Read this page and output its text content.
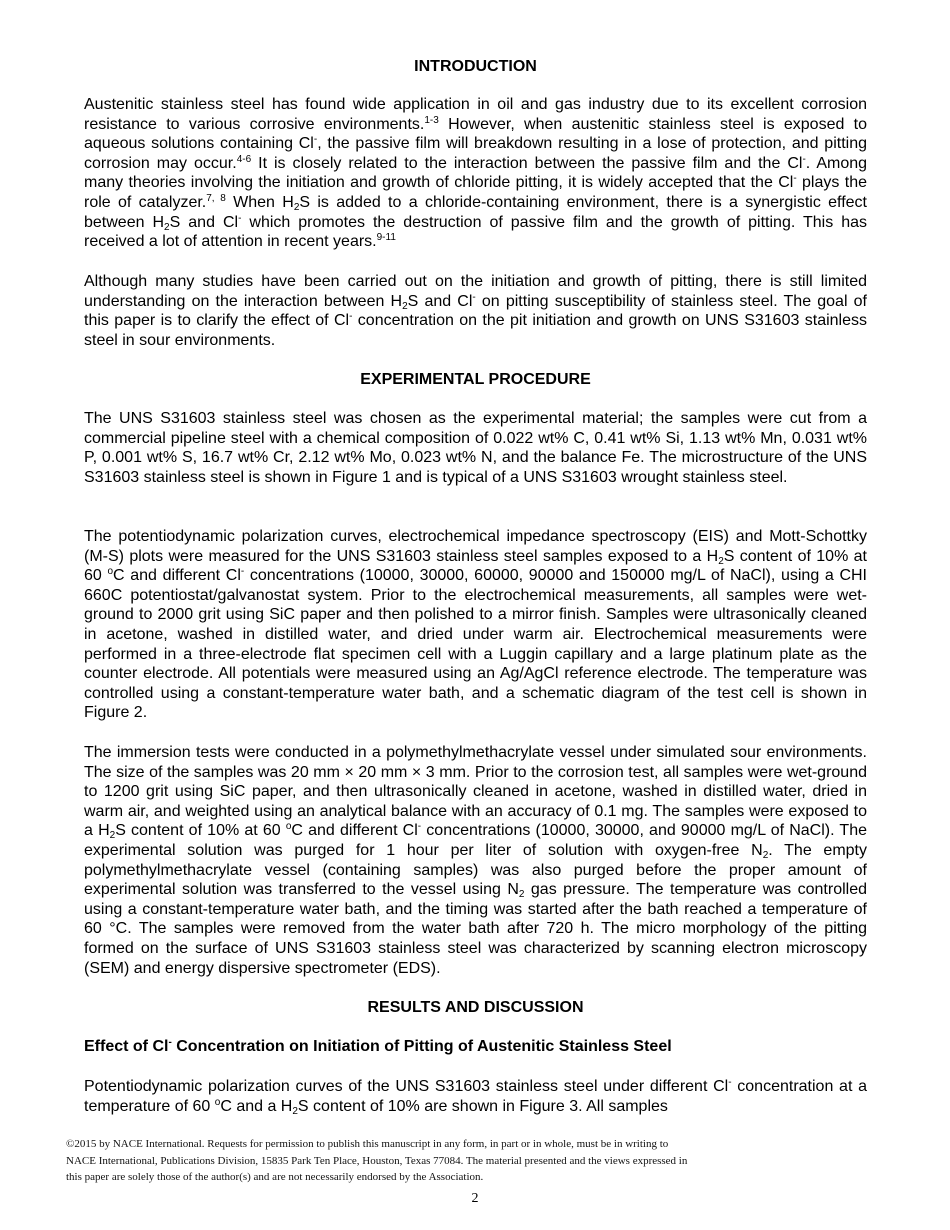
INTRODUCTION

Austenitic stainless steel has found wide application in oil and gas industry due to its excellent corrosion resistance to various corrosive environments.$^{1-3}$ However, when austenitic stainless steel is exposed to aqueous solutions containing Cl-, the passive film will breakdown resulting in a lose of protection, and pitting corrosion may occur.$^{4-6}$ It is closely related to the interaction between the passive film and the Cl-. Among many theories involving the initiation and growth of chloride pitting, it is widely accepted that the Cl- plays the role of catalyzer.$^{7, 8}$ When $H_2S$ is added to a chloride-containing environment, there is a synergistic effect between $H_2S$ and Cl- which promotes the destruction of passive film and the growth of pitting. This has received a lot of attention in recent years.$^{9-11}$

Although many studies have been carried out on the initiation and growth of pitting, there is still limited understanding on the interaction between $H_2S$ and Cl- on pitting susceptibility of stainless steel. The goal of this paper is to clarify the effect of Cl- concentration on the pit initiation and growth on UNS S31603 stainless steel in sour environments.

EXPERIMENTAL PROCEDURE

The UNS S31603 stainless steel was chosen as the experimental material; the samples were cut from a commercial pipeline steel with a chemical composition of 0.022 wt% C, 0.41 wt% Si, 1.13 wt% Mn, 0.031 wt% P, 0.001 wt% S, 16.7 wt% Cr, 2.12 wt% Mo, 0.023 wt% N, and the balance Fe. The microstructure of the UNS S31603 stainless steel is shown in Figure 1 and is typical of a UNS S31603 wrought stainless steel.

The potentiodynamic polarization curves, electrochemical impedance spectroscopy (EIS) and Mott-Schottky (M-S) plots were measured for the UNS S31603 stainless steel samples exposed to a $H_2S$ content of 10% at 60 $^o$C and different Cl- concentrations (10000, 30000, 60000, 90000 and 150000 mg/L of NaCl), using a CHI 660C potentiostat/galvanostat system. Prior to the electrochemical measurements, all samples were wet-ground to 2000 grit using SiC paper and then polished to a mirror finish. Samples were ultrasonically cleaned in acetone, washed in distilled water, and dried under warm air. Electrochemical measurements were performed in a three-electrode flat specimen cell with a Luggin capillary and a large platinum plate as the counter electrode. All potentials were measured using an Ag/AgCl reference electrode. The temperature was controlled using a constant-temperature water bath, and a schematic diagram of the test cell is shown in Figure 2.

The immersion tests were conducted in a polymethylmethacrylate vessel under simulated sour environments. The size of the samples was 20 mm × 20 mm × 3 mm. Prior to the corrosion test, all samples were wet-ground to 1200 grit using SiC paper, and then ultrasonically cleaned in acetone, washed in distilled water, dried in warm air, and weighted using an analytical balance with an accuracy of 0.1 mg. The samples were exposed to a $H_2S$ content of 10% at 60 $^o$C and different Cl- concentrations (10000, 30000, and 90000 mg/L of NaCl). The experimental solution was purged for 1 hour per liter of solution with oxygen-free $N_2$. The empty polymethylmethacrylate vessel (containing samples) was also purged before the proper amount of experimental solution was transferred to the vessel using $N_2$ gas pressure. The temperature was controlled using a constant-temperature water bath, and the timing was started after the bath reached a temperature of 60 °C. The samples were removed from the water bath after 720 h. The micro morphology of the pitting formed on the surface of UNS S31603 stainless steel was characterized by scanning electron microscopy (SEM) and energy dispersive spectrometer (EDS).

RESULTS AND DISCUSSION
Effect of Cl- Concentration on Initiation of Pitting of Austenitic Stainless Steel

Potentiodynamic polarization curves of the UNS S31603 stainless steel under different Cl- concentration at a temperature of 60 $^o$C and a $H_2S$ content of 10% are shown in Figure 3. All samples

©2015 by NACE International. Requests for permission to publish this manuscript in any form, in part or in whole, must be in writing to
NACE International, Publications Division, 15835 Park Ten Place, Houston, Texas 77084. The material presented and the views expressed in
this paper are solely those of the author(s) and are not necessarily endorsed by the Association.
2
